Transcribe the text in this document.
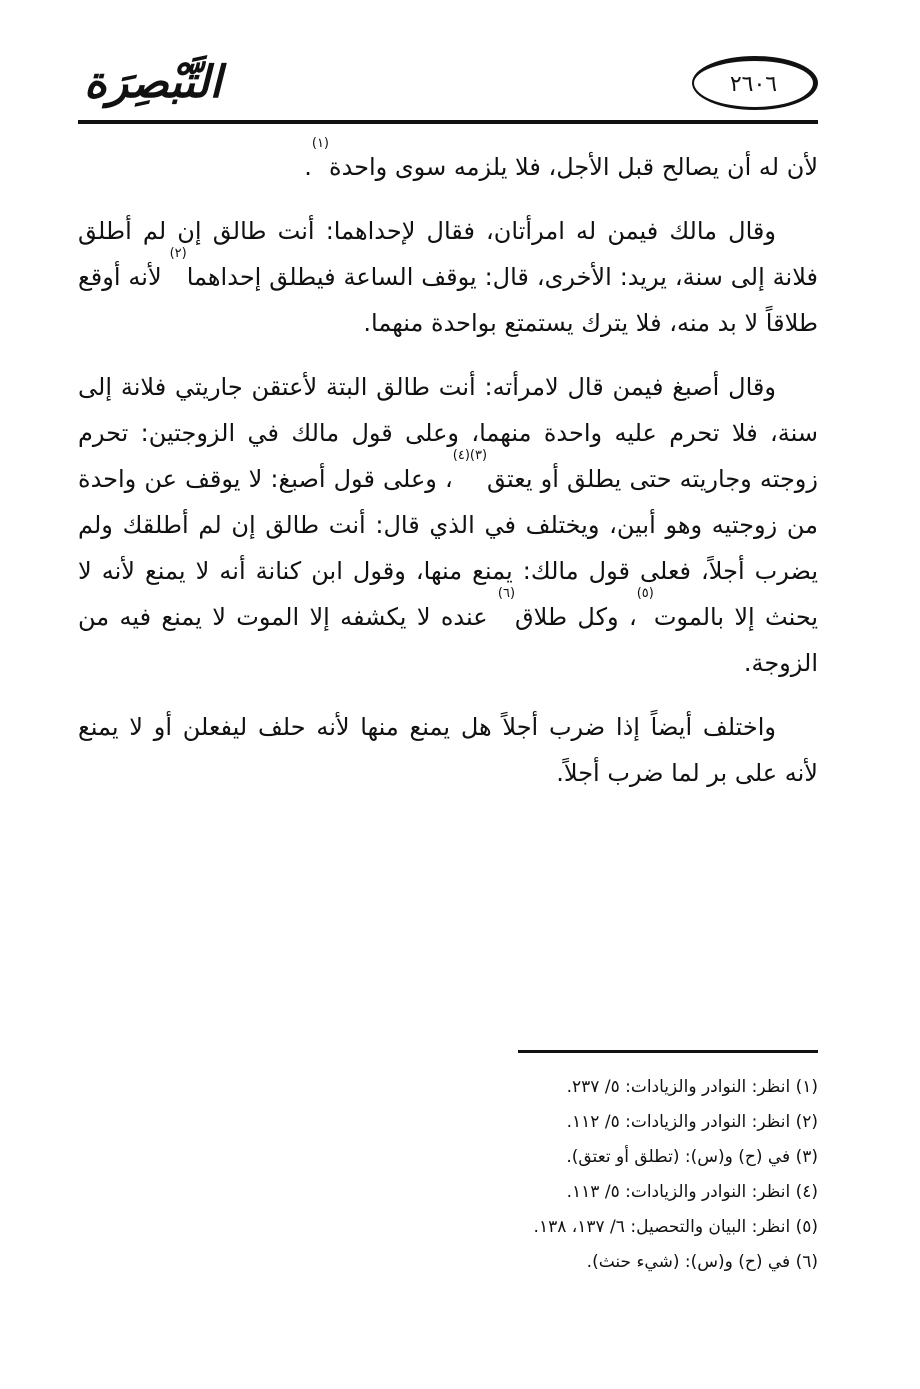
التَّبْصِرَة	٢٦٠٦

لأن له أن يصالح قبل الأجل، فلا يلزمه سوى واحدة$^{(١)}$.

وقال مالك فيمن له امرأتان، فقال لإحداهما: أنت طالق إن لم أطلق فلانة إلى سنة، يريد: الأخرى، قال: يوقف الساعة فيطلق إحداهما$^{(٢)}$ لأنه أوقع طلاقاً لا بد منه، فلا يترك يستمتع بواحدة منهما.

وقال أصبغ فيمن قال لامرأته: أنت طالق البتة لأعتقن جاريتي فلانة إلى سنة، فلا تحرم عليه واحدة منهما، وعلى قول مالك في الزوجتين: تحرم زوجته وجاريته حتى يطلق أو يعتق$^{(٣)(٤)}$، وعلى قول أصبغ: لا يوقف عن واحدة من زوجتيه وهو أبين، ويختلف في الذي قال: أنت طالق إن لم أطلقك ولم يضرب أجلاً، فعلى قول مالك: يمنع منها، وقول ابن كنانة أنه لا يمنع لأنه لا يحنث إلا بالموت$^{(٥)}$، وكل طلاق$^{(٦)}$ عنده لا يكشفه إلا الموت لا يمنع فيه من الزوجة.

واختلف أيضاً إذا ضرب أجلاً هل يمنع منها لأنه حلف ليفعلن أو لا يمنع لأنه على بر لما ضرب أجلاً.

(١) انظر: النوادر والزيادات: ٥/ ٢٣٧.
(٢) انظر: النوادر والزيادات: ٥/ ١١٢.
(٣) في (ح) و(س): (تطلق أو تعتق).
(٤) انظر: النوادر والزيادات: ٥/ ١١٣.
(٥) انظر: البيان والتحصيل: ٦/ ١٣٧، ١٣٨.
(٦) في (ح) و(س): (شيء حنث).
